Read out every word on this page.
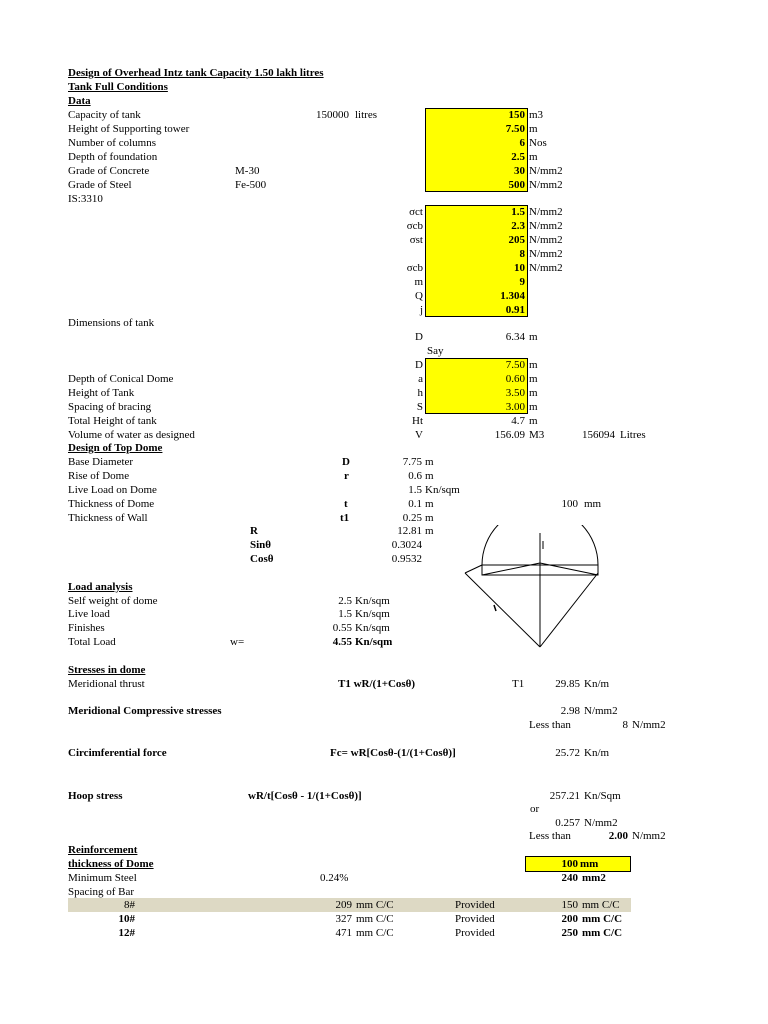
Design of Overhead Intz tank Capacity 1.50 lakh litres
Tank Full Conditions
Data
Capacity of tank	150000 litres	150 m3
Height of Supporting tower	7.50 m
Number of columns	6 Nos
Depth of foundation	2.5 m
Grade of Concrete	M-30	30 N/mm2
Grade of Steel	Fe-500	500 N/mm2
IS:3310
σct	1.5 N/mm2
σcb	2.3 N/mm2
σst	205 N/mm2
8 N/mm2
σcb	10 N/mm2
m	9
Q	1.304
j	0.91
Dimensions of tank
D	6.34 m
Say
D	7.50 m
Depth of Conical Dome	a	0.60 m
Height of Tank	h	3.50 m
Spacing of bracing	S	3.00 m
Total Height of tank	Ht	4.7 m
Volume of water as designed	V	156.09 M3	156094 Litres
Design of Top Dome
Base Diameter	D	7.75 m
Rise of Dome	r	0.6 m
Live Load on Dome	1.5 Kn/sqm
Thickness of Dome	t	0.1 m	100 mm
Thickness of Wall	t1	0.25 m
R	12.81 m
Sinθ	0.3024
Cosθ	0.9532
Load analysis
Self weight of dome	2.5 Kn/sqm
Live load	1.5 Kn/sqm
Finishes	0.55 Kn/sqm
Total Load	w=	4.55 Kn/sqm
Stresses in dome
Meridional thrust	T1 wR/(1+Cosθ)	T1	29.85 Kn/m
Meridional Compressive stresses	2.98 N/mm2
Less than	8 N/mm2
Circimferential force	Fc= wR[Cosθ-(1/(1+Cosθ)]	25.72 Kn/m
Hoop stress	wR/t[Cosθ - 1/(1+Cosθ)]	257.21 Kn/Sqm
or
0.257 N/mm2
Less than	2.00 N/mm2
Reinforcement
thickness of Dome	100 mm
Minimum Steel	0.24%	240 mm2
Spacing of Bar
8#	209 mm C/C	Provided	150 mm C/C
10#	327 mm C/C	Provided	200 mm C/C
12#	471 mm C/C	Provided	250 mm C/C
